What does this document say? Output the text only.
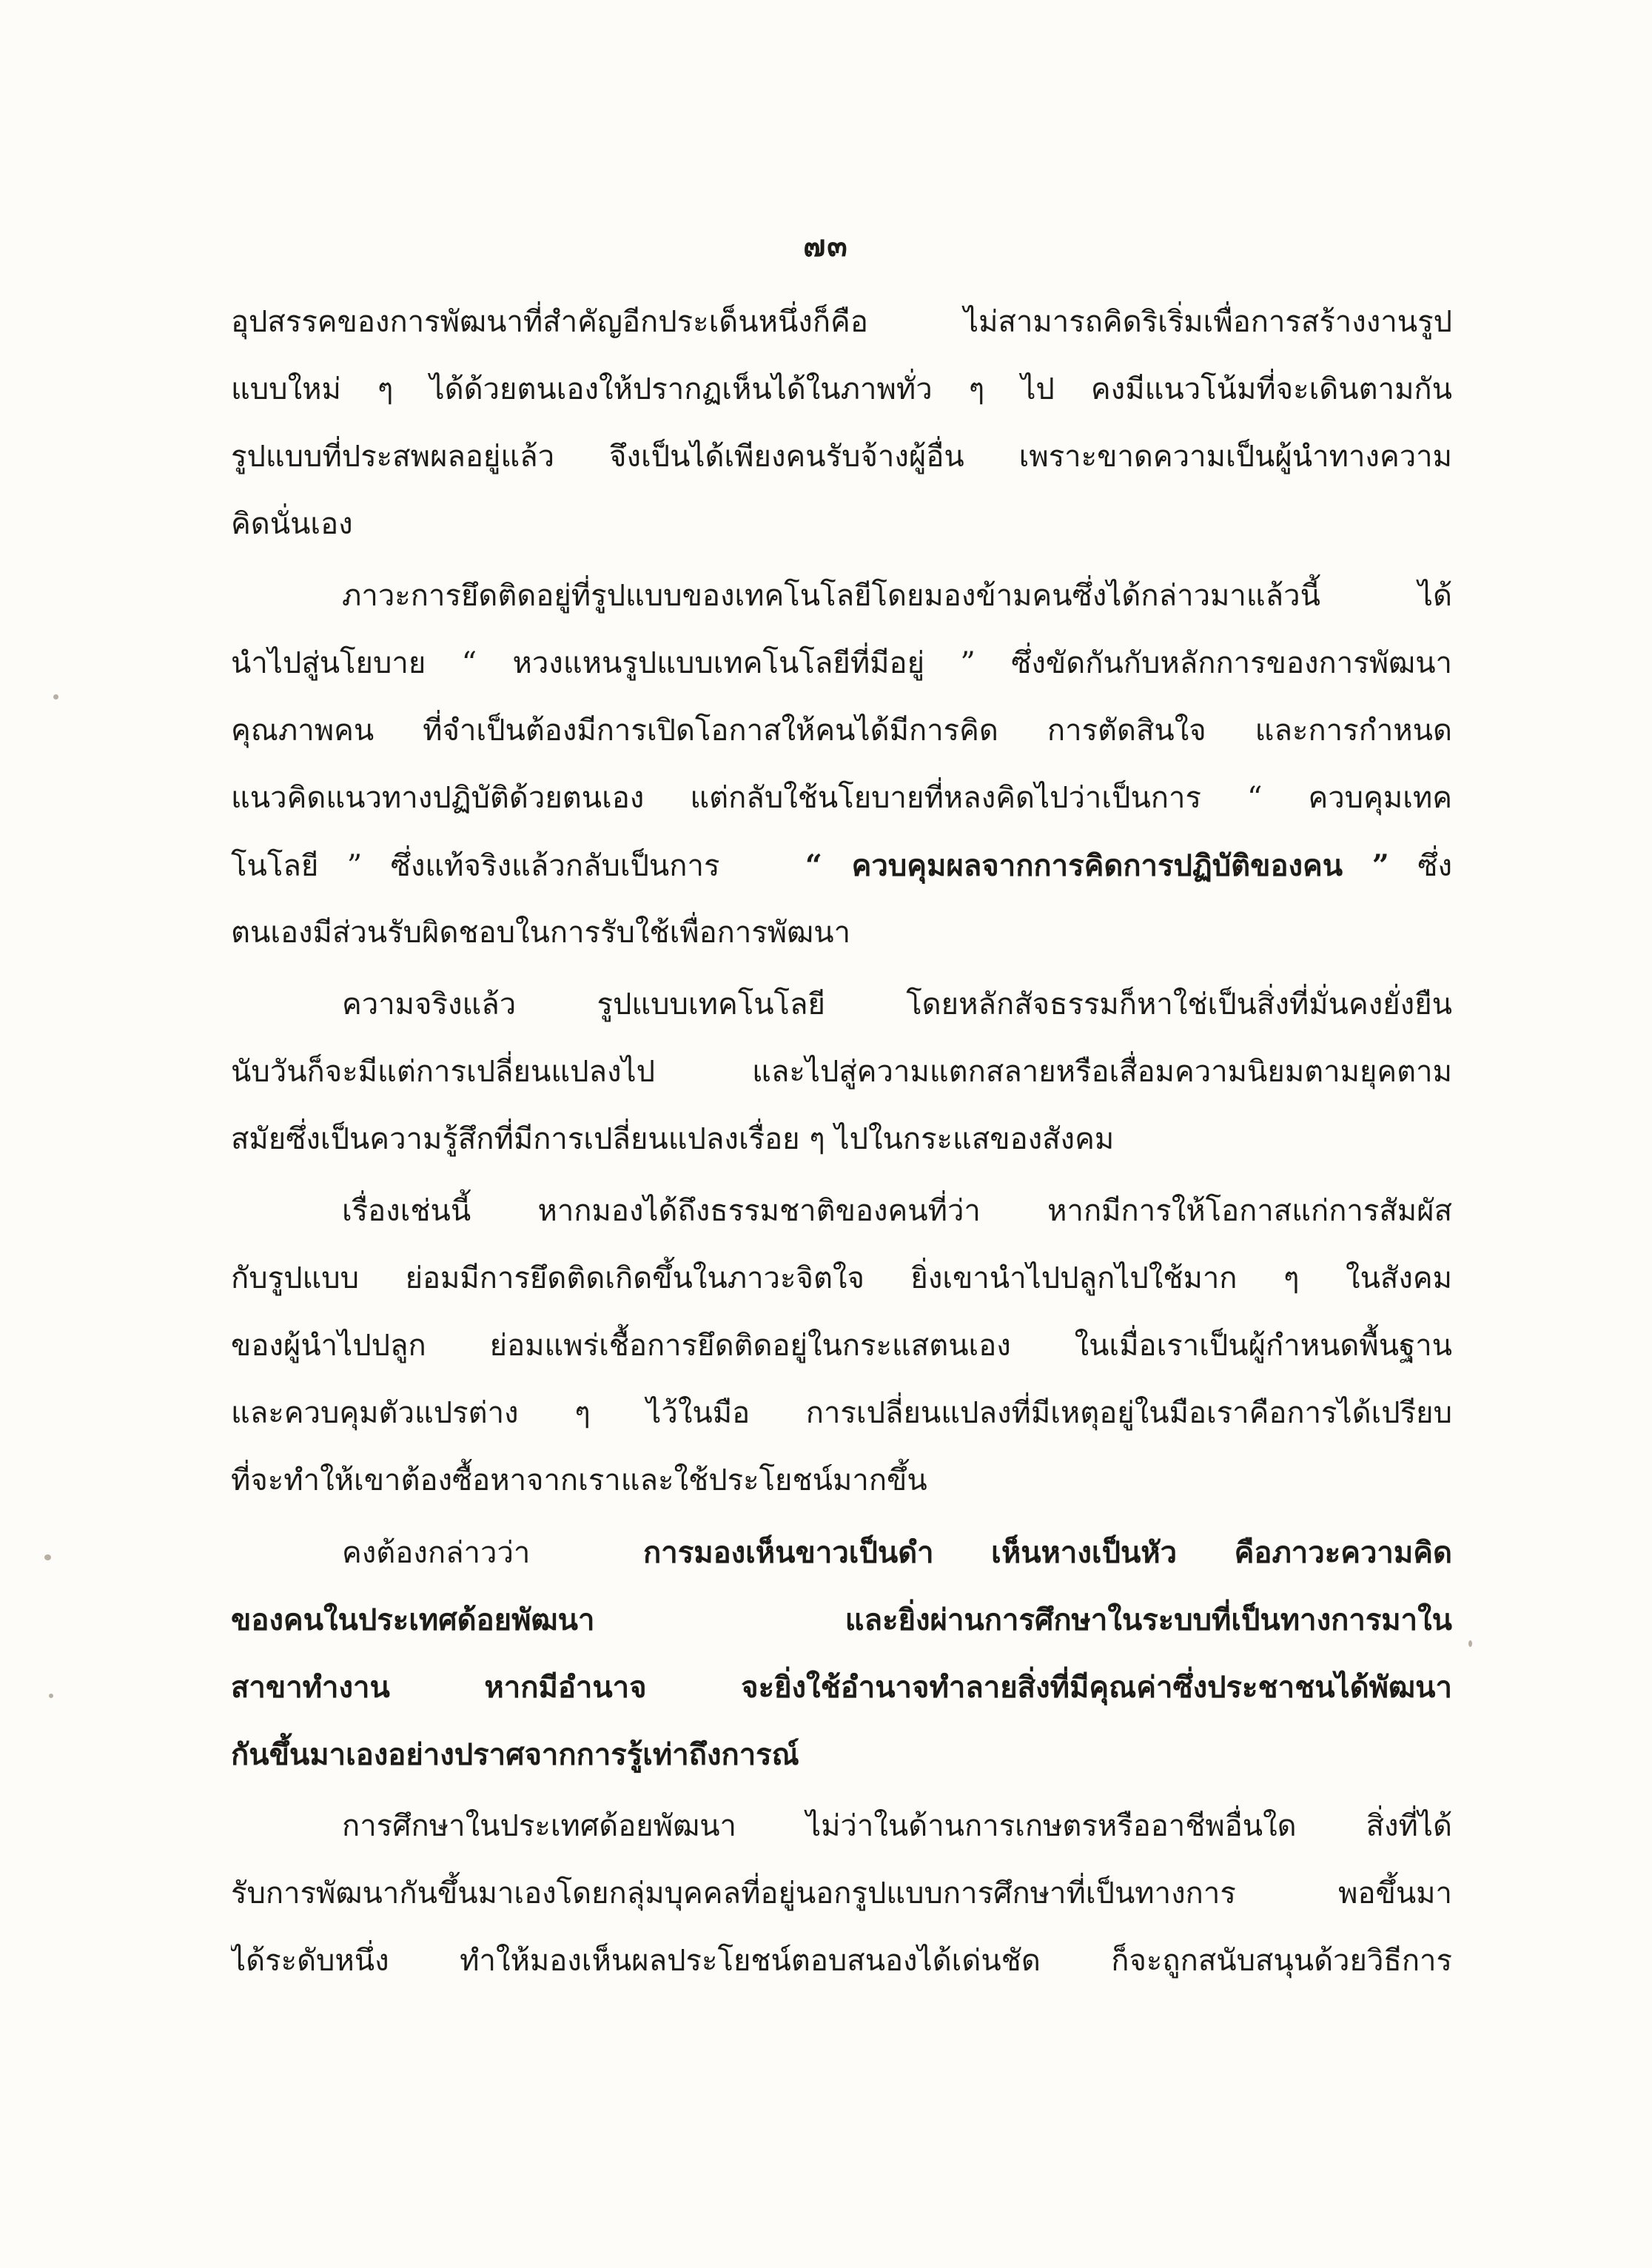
๗๓
อุปสรรคของการพัฒนาที่สำคัญอีกประเด็นหนึ่งก็คือ ไม่สามารถคิดริเริ่มเพื่อการสร้างงานรูป
แบบใหม่ ๆ ได้ด้วยตนเองให้ปรากฏเห็นได้ในภาพทั่ว ๆ ไป คงมีแนวโน้มที่จะเดินตามกัน
รูปแบบที่ประสพผลอยู่แล้ว จึงเป็นได้เพียงคนรับจ้างผู้อื่น เพราะขาดความเป็นผู้นำทางความ
คิดนั่นเอง
ภาวะการยึดติดอยู่ที่รูปแบบของเทคโนโลยีโดยมองข้ามคนซึ่งได้กล่าวมาแล้วนี้ ได้
นำไปสู่นโยบาย “ หวงแหนรูปแบบเทคโนโลยีที่มีอยู่ ” ซึ่งขัดกันกับหลักการของการพัฒนา
คุณภาพคน ที่จำเป็นต้องมีการเปิดโอกาสให้คนได้มีการคิด การตัดสินใจ และการกำหนด
แนวคิดแนวทางปฏิบัติด้วยตนเอง แต่กลับใช้นโยบายที่หลงคิดไปว่าเป็นการ “ ควบคุมเทค
โนโลยี ” ซึ่งแท้จริงแล้วกลับเป็นการ	“ ควบคุมผลจากการคิดการปฏิบัติของคน ” ซึ่ง
ตนเองมีส่วนรับผิดชอบในการรับใช้เพื่อการพัฒนา
ความจริงแล้ว รูปแบบเทคโนโลยี โดยหลักสัจธรรมก็หาใช่เป็นสิ่งที่มั่นคงยั่งยืน
นับวันก็จะมีแต่การเปลี่ยนแปลงไป และไปสู่ความแตกสลายหรือเสื่อมความนิยมตามยุคตาม
สมัยซึ่งเป็นความรู้สึกที่มีการเปลี่ยนแปลงเรื่อย ๆ ไปในกระแสของสังคม
เรื่องเช่นนี้ หากมองได้ถึงธรรมชาติของคนที่ว่า หากมีการให้โอกาสแก่การสัมผัส
กับรูปแบบ ย่อมมีการยึดติดเกิดขึ้นในภาวะจิตใจ ยิ่งเขานำไปปลูกไปใช้มาก ๆ ในสังคม
ของผู้นำไปปลูก ย่อมแพร่เชื้อการยึดติดอยู่ในกระแสตนเอง ในเมื่อเราเป็นผู้กำหนดพื้นฐาน
และควบคุมตัวแปรต่าง ๆ ไว้ในมือ การเปลี่ยนแปลงที่มีเหตุอยู่ในมือเราคือการได้เปรียบ
ที่จะทำให้เขาต้องซื้อหาจากเราและใช้ประโยชน์มากขึ้น
คงต้องกล่าวว่า	การมองเห็นขาวเป็นดำ เห็นหางเป็นหัว คือภาวะความคิด
ของคนในประเทศด้อยพัฒนา และยิ่งผ่านการศึกษาในระบบที่เป็นทางการมาใน
สาขาทำงาน หากมีอำนาจ จะยิ่งใช้อำนาจทำลายสิ่งที่มีคุณค่าซึ่งประชาชนได้พัฒนา
กันขึ้นมาเองอย่างปราศจากการรู้เท่าถึงการณ์
การศึกษาในประเทศด้อยพัฒนา ไม่ว่าในด้านการเกษตรหรืออาชีพอื่นใด สิ่งที่ได้
รับการพัฒนากันขึ้นมาเองโดยกลุ่มบุคคลที่อยู่นอกรูปแบบการศึกษาที่เป็นทางการ พอขึ้นมา
ได้ระดับหนึ่ง ทำให้มองเห็นผลประโยชน์ตอบสนองได้เด่นชัด ก็จะถูกสนับสนุนด้วยวิธีการ
